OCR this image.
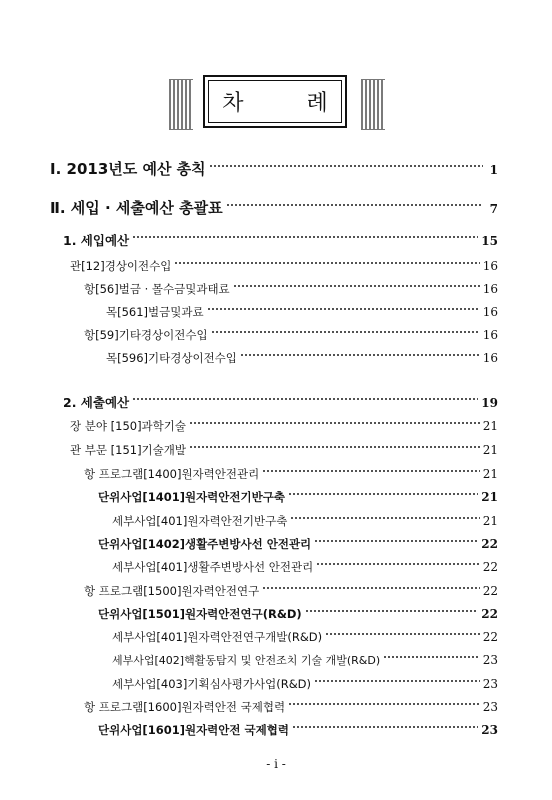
차 례
Ⅰ. 2013년도 예산 총칙	1
Ⅱ. 세입 · 세출예산 총괄표	7
1. 세입예산	15
관[12]경상이전수입	16
항[56]벌금 · 몰수금및과태료	16
목[561]벌금및과료	16
항[59]기타경상이전수입	16
목[596]기타경상이전수입	16
2. 세출예산	19
장 분야 [150]과학기술	21
관 부문 [151]기술개발	21
항 프로그램[1400]원자력안전관리	21
단위사업[1401]원자력안전기반구축	21
세부사업[401]원자력안전기반구축	21
단위사업[1402]생활주변방사선 안전관리	22
세부사업[401]생활주변방사선 안전관리	22
항 프로그램[1500]원자력안전연구	22
단위사업[1501]원자력안전연구(R&D)	22
세부사업[401]원자력안전연구개발(R&D)	22
세부사업[402]핵활동탐지 및 안전조치 기술 개발(R&D)	23
세부사업[403]기획심사평가사업(R&D)	23
항 프로그램[1600]원자력안전 국제협력	23
단위사업[1601]원자력안전 국제협력	23
- i -
